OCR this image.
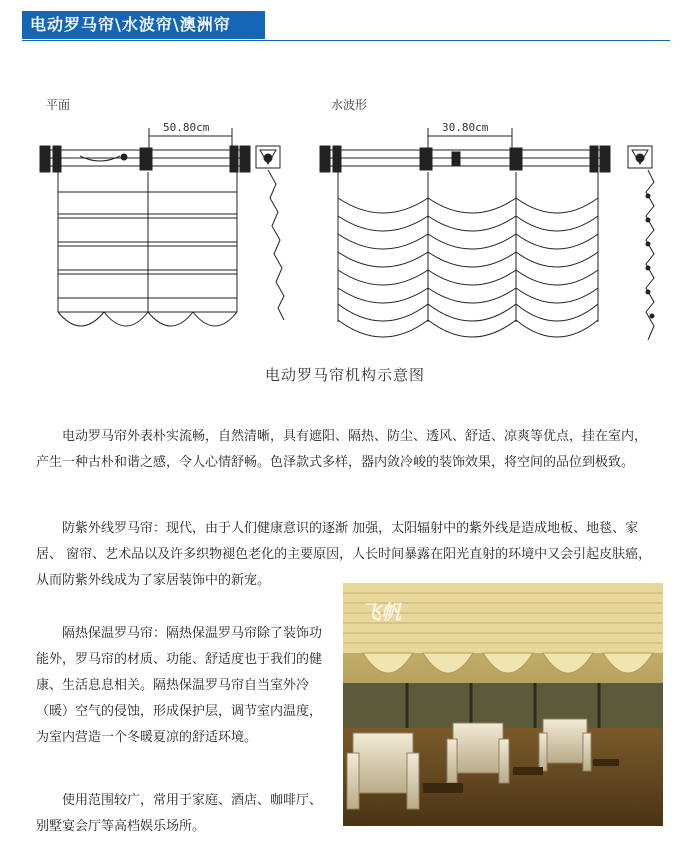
电动罗马帘\水波帘\澳洲帘
平面	水波形
50.80cm	30.80cm
电动罗马帘机构示意图

电动罗马帘外表朴实流畅，自然清晰，具有遮阳、隔热、防尘、透风、舒适、凉爽等优点，挂在室内，产生一种古朴和谐之感，令人心情舒畅。色泽款式多样，器内敛冷峻的装饰效果，将空间的品位到极致。

防紫外线罗马帘：现代，由于人们健康意识的逐渐 加强，太阳辐射中的紫外线是造成地板、地毯、家居、 窗帘、艺术品以及许多织物褪色老化的主要原因，人长时间暴露在阳光直射的环境中又会引起皮肤癌，从而防紫外线成为了家居装饰中的新宠。

隔热保温罗马帘：隔热保温罗马帘除了装饰功能外，罗马帘的材质、功能、舒适度也于我们的健康、生活息息相关。隔热保温罗马帘自当室外冷（暖）空气的侵蚀，形成保护层，调节室内温度，为室内营造一个冬暖夏凉的舒适环境。

使用范围较广，常用于家庭、酒店、咖啡厅、别墅宴会厅等高档娱乐场所。

飞帆
